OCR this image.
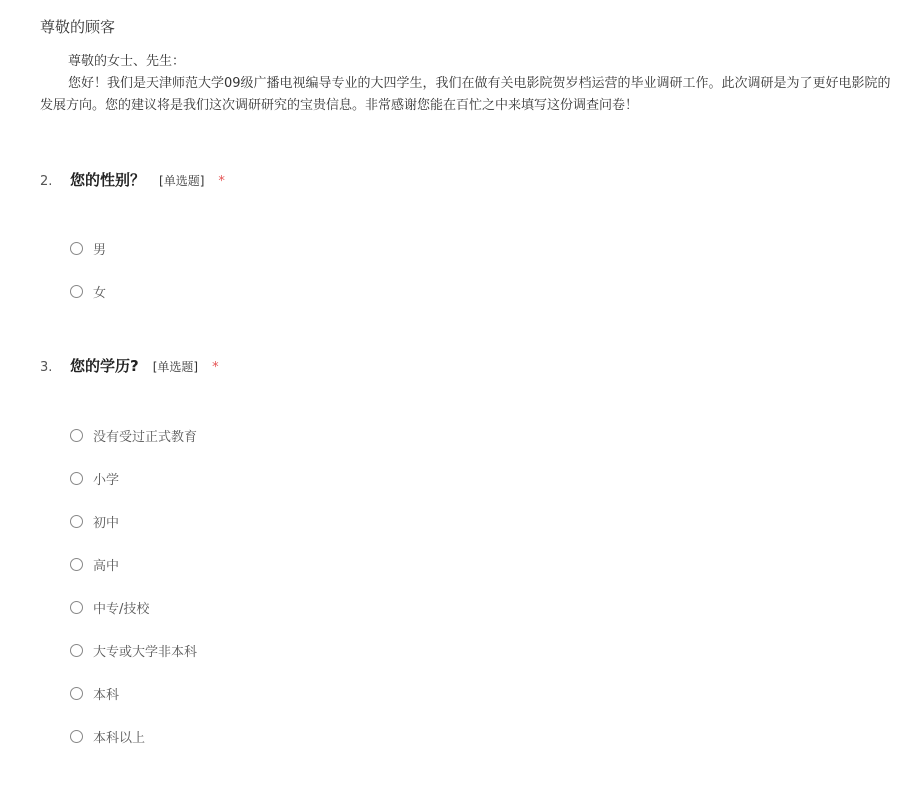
尊敬的顾客

尊敬的女士、先生：

您好！我们是天津师范大学09级广播电视编导专业的大四学生，我们在做有关电影院贺岁档运营的毕业调研工作。此次调研是为了更好电影院的发展方向。您的建议将是我们这次调研研究的宝贵信息。非常感谢您能在百忙之中来填写这份调查问卷！

2.	您的性别？ [单选题] *
男
女
3.	您的学历? [单选题] *
没有受过正式教育
小学
初中
高中
中专/技校
大专或大学非本科
本科
本科以上
